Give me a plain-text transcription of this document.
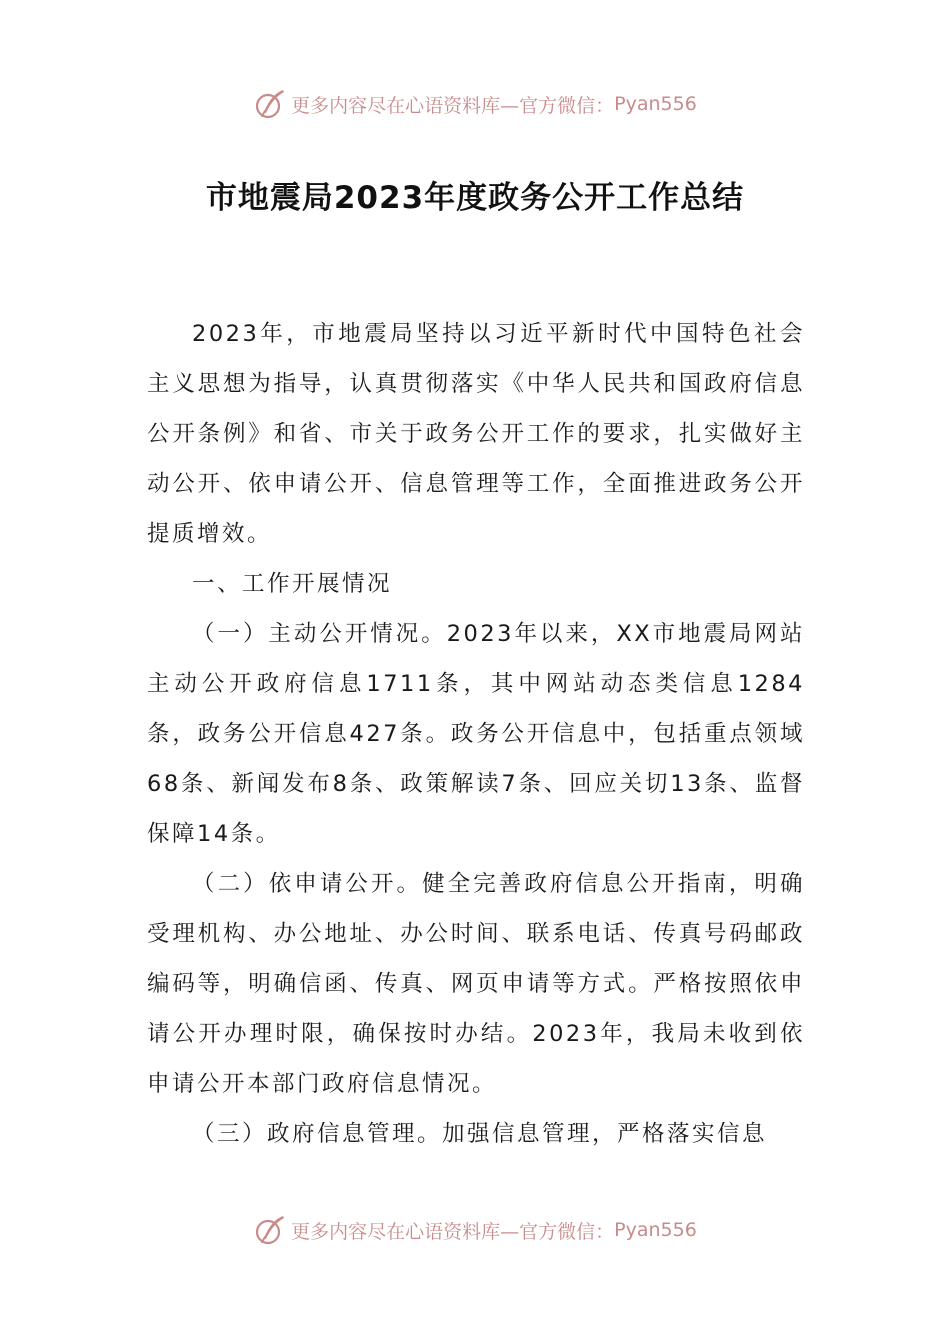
更多内容尽在心语资料库—官方微信： Pyan556
市地震局2023年度政务公开工作总结

2023年，市地震局坚持以习近平新时代中国特色社会主义思想为指导，认真贯彻落实《中华人民共和国政府信息公开条例》和省、市关于政务公开工作的要求，扎实做好主动公开、依申请公开、信息管理等工作，全面推进政务公开提质增效。

一、工作开展情况

（一）主动公开情况。2023年以来，XX市地震局网站主动公开政府信息1711条，其中网站动态类信息1284条，政务公开信息427条。政务公开信息中，包括重点领域68条、新闻发布8条、政策解读7条、回应关切13条、监督保障14条。

（二）依申请公开。健全完善政府信息公开指南，明确受理机构、办公地址、办公时间、联系电话、传真号码邮政编码等，明确信函、传真、网页申请等方式。严格按照依申请公开办理时限，确保按时办结。2023年，我局未收到依申请公开本部门政府信息情况。

（三）政府信息管理。加强信息管理，严格落实信息

更多内容尽在心语资料库—官方微信： Pyan556
